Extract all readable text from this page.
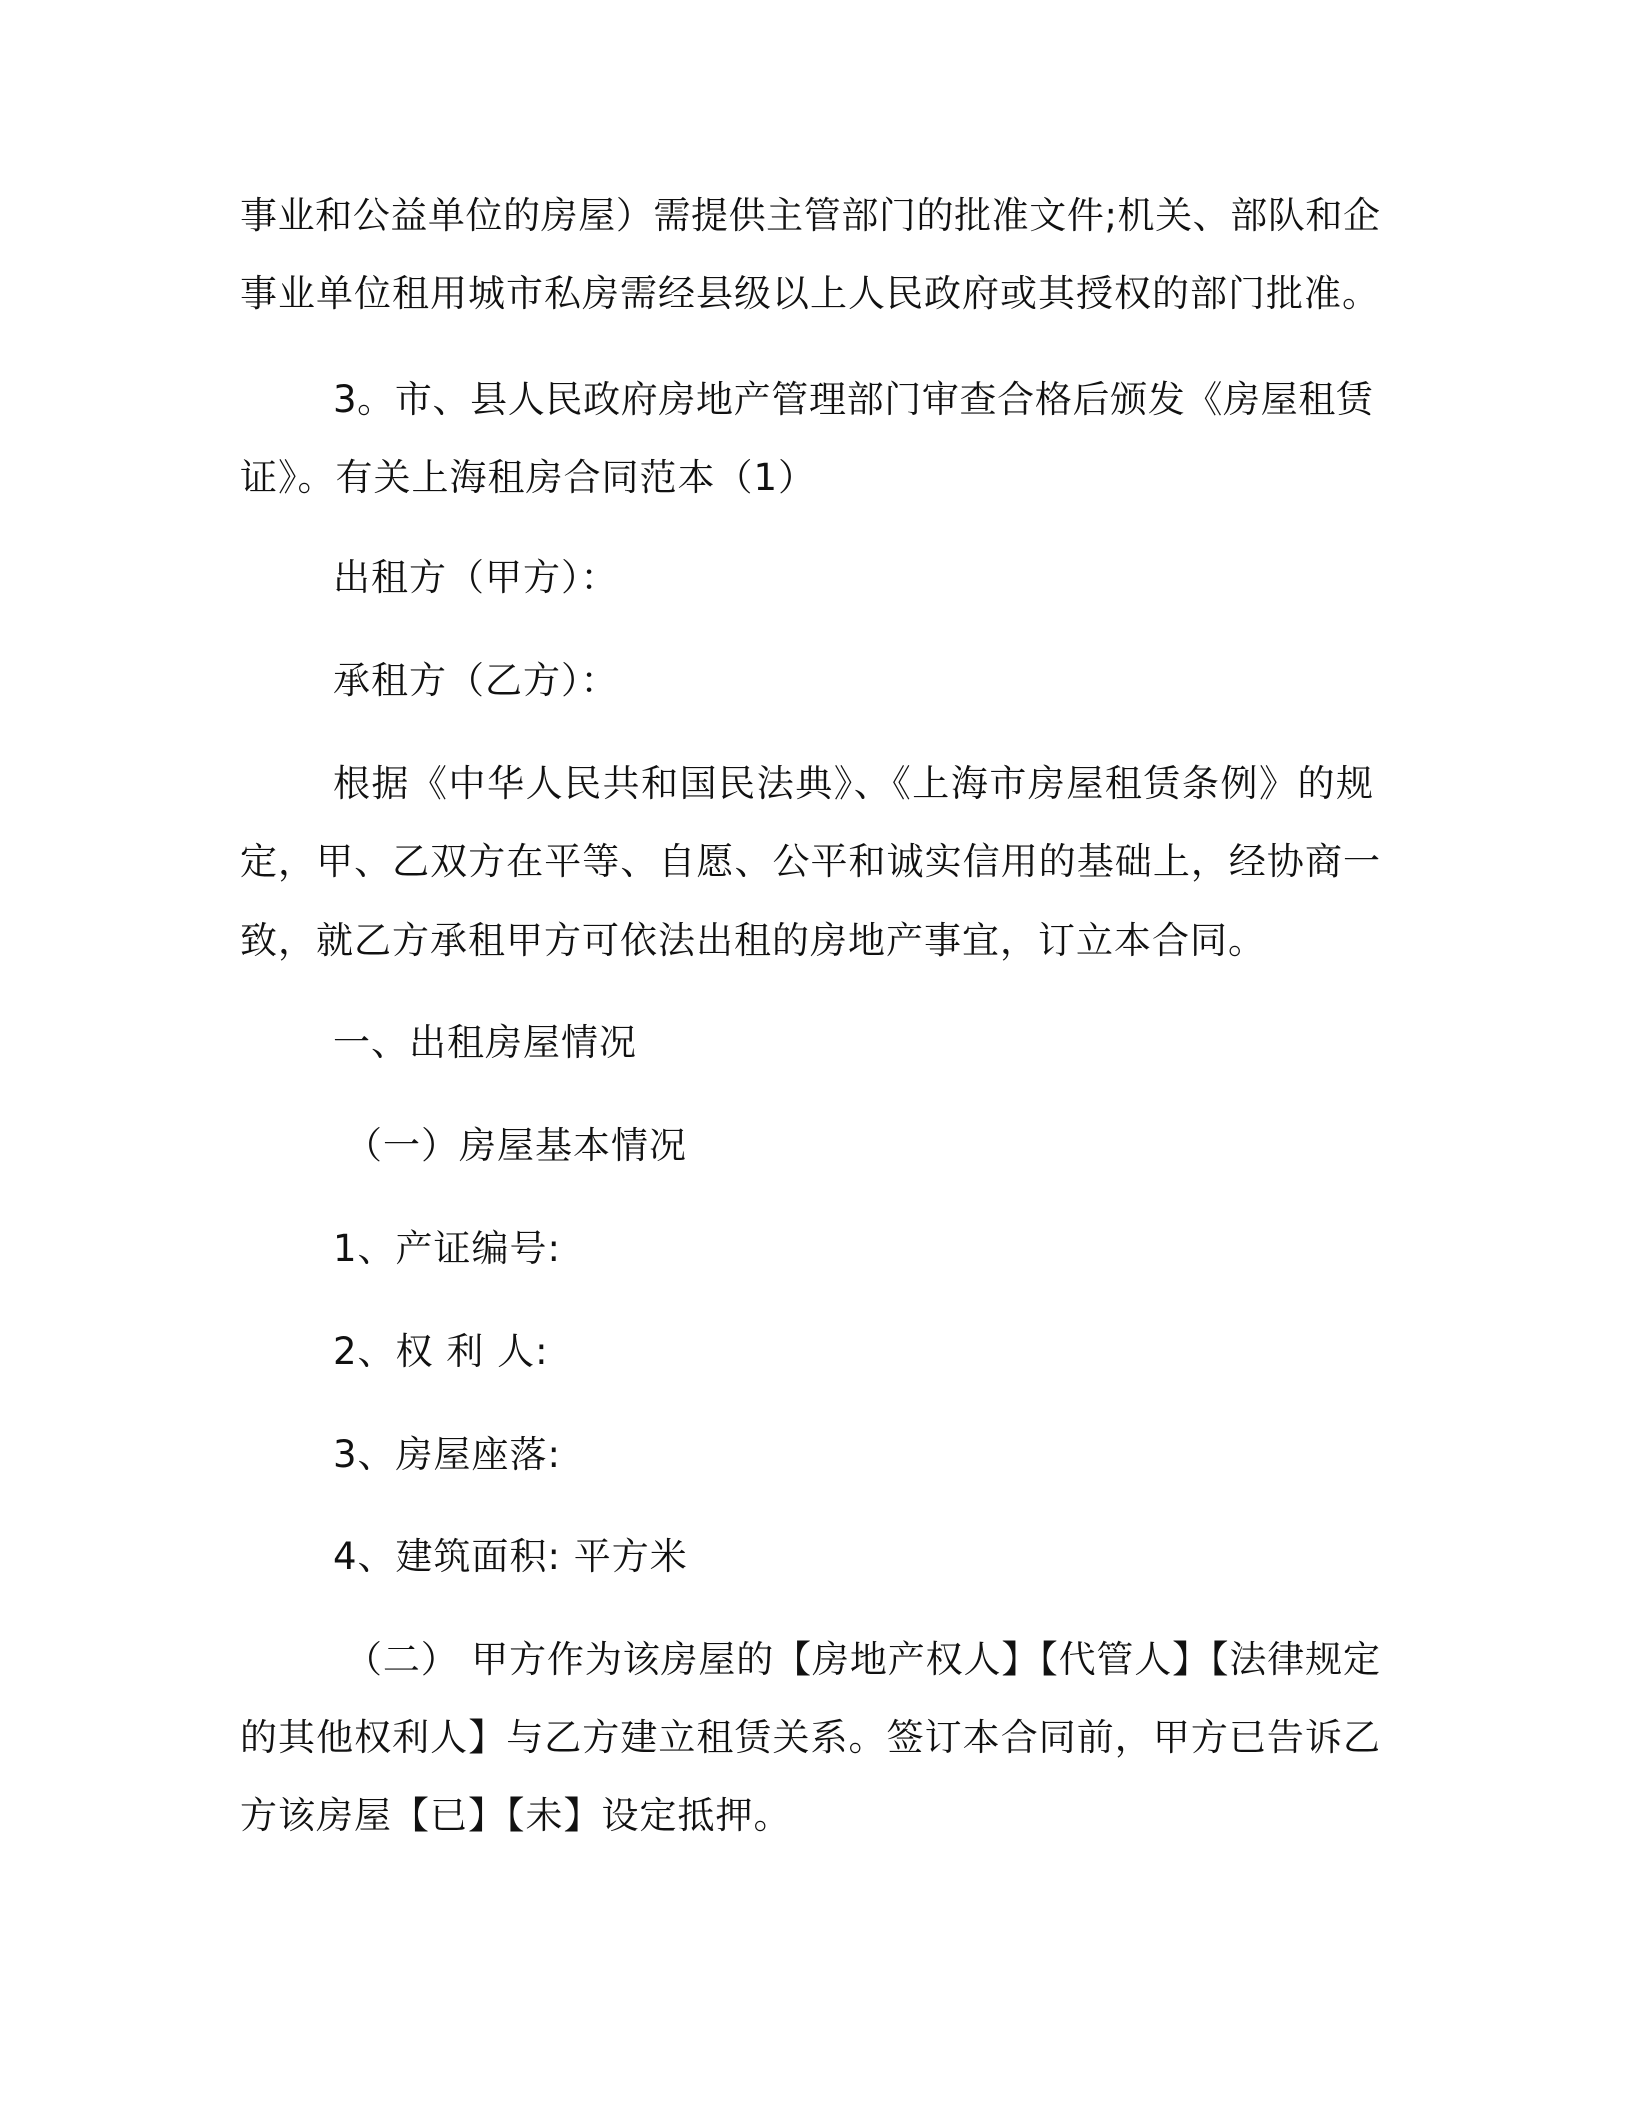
事业和公益单位的房屋）需提供主管部门的批准文件;机关、部队和企
事业单位租用城市私房需经县级以上人民政府或其授权的部门批准。
3。市、县人民政府房地产管理部门审查合格后颁发《房屋租赁
证》。有关上海租房合同范本（1）
出租方（甲方）：
承租方（乙方）：
根据《中华人民共和国民法典》、《上海市房屋租赁条例》的规
定，甲、乙双方在平等、自愿、公平和诚实信用的基础上，经协商一
致，就乙方承租甲方可依法出租的房地产事宜，订立本合同。
一、出租房屋情况
（一）房屋基本情况
1、产证编号:
2、权 利 人:
3、房屋座落:
4、建筑面积: 平方米
（二） 甲方作为该房屋的【房地产权人】【代管人】【法律规定
的其他权利人】与乙方建立租赁关系。签订本合同前，甲方已告诉乙
方该房屋【已】【未】设定抵押。
